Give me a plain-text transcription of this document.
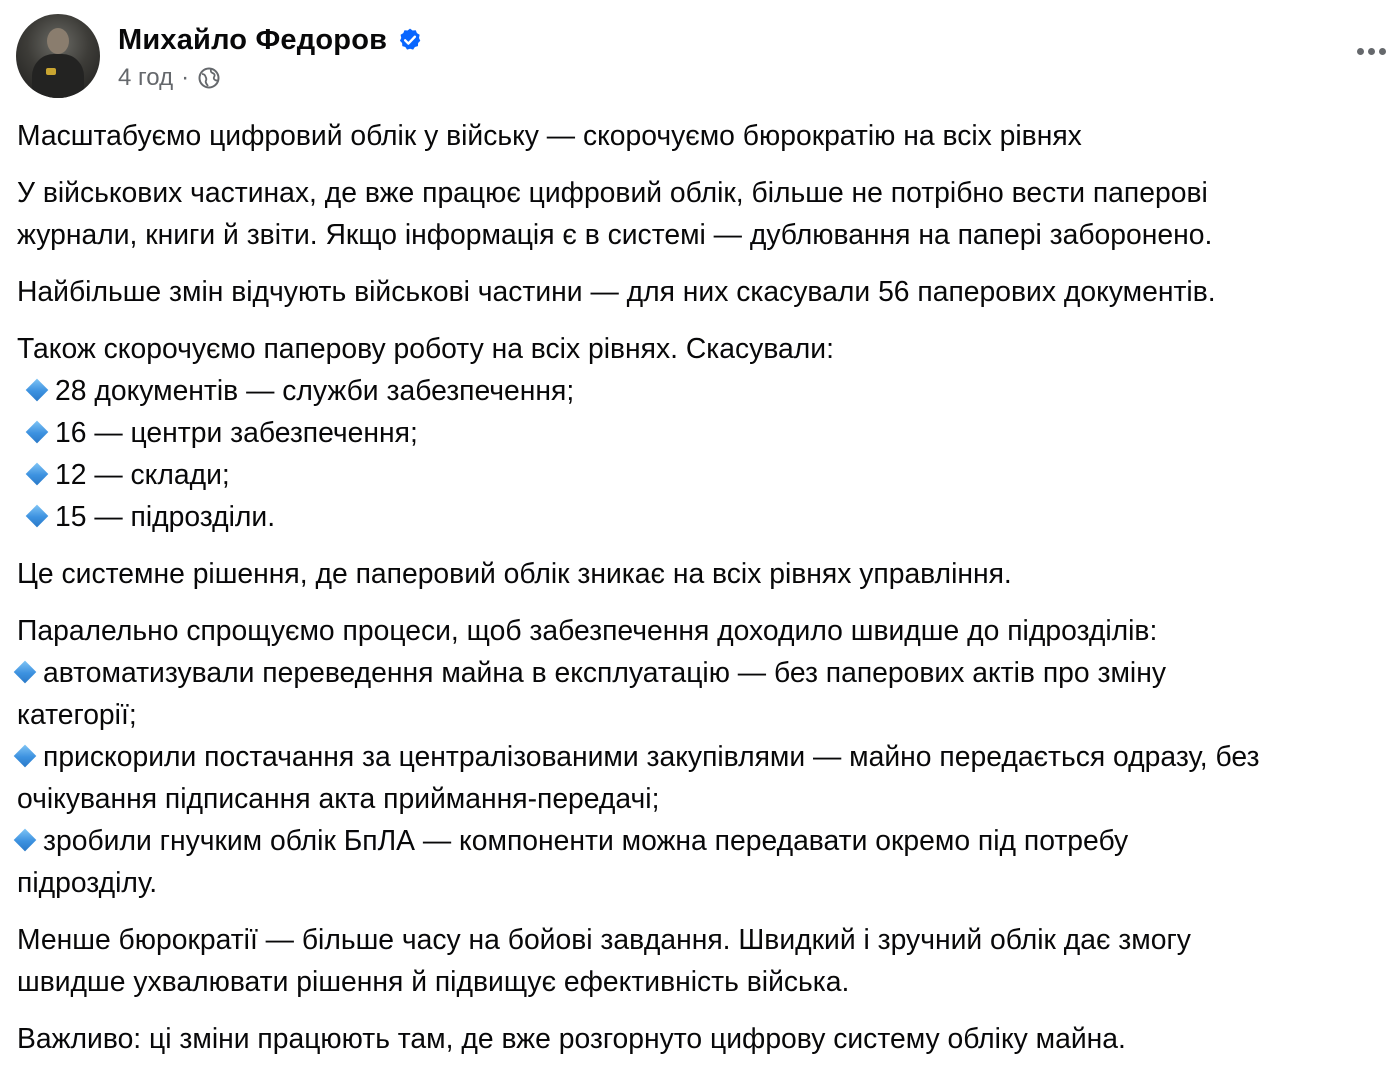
Михайло Федоров
4 год ·

Масштабуємо цифровий облік у війську — скорочуємо бюрократію на всіх рівнях

У військових частинах, де вже працює цифровий облік, більше не потрібно вести паперові
журнали, книги й звіти. Якщо інформація є в системі — дублювання на папері заборонено.

Найбільше змін відчують військові частини — для них скасували 56 паперових документів.

Також скорочуємо паперову роботу на всіх рівнях. Скасували:
28 документів — служби забезпечення;
16 — центри забезпечення;
12 — склади;
15 — підрозділи.

Це системне рішення, де паперовий облік зникає на всіх рівнях управління.

Паралельно спрощуємо процеси, щоб забезпечення доходило швидше до підрозділів:
автоматизували переведення майна в експлуатацію — без паперових актів про зміну
категорії;
прискорили постачання за централізованими закупівлями — майно передається одразу, без
очікування підписання акта приймання-передачі;
зробили гнучким облік БпЛА — компоненти можна передавати окремо під потребу
підрозділу.

Менше бюрократії — більше часу на бойові завдання. Швидкий і зручний облік дає змогу
швидше ухвалювати рішення й підвищує ефективність війська.

Важливо: ці зміни працюють там, де вже розгорнуто цифрову систему обліку майна.
